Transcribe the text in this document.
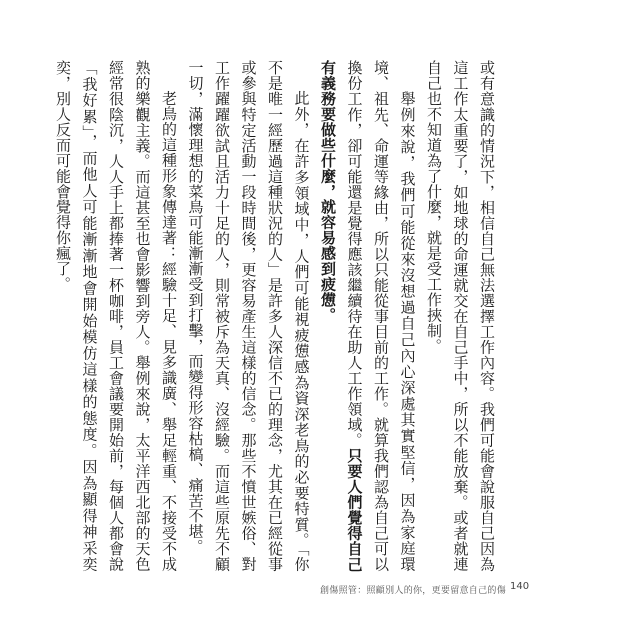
或有意識的情況下，相信自己無法選擇工作內容。我們可能會說服自己因為這工作太重要了，如地球的命運就交在自己手中，所以不能放棄。或者就連自己也不知道為了什麼，就是受工作挾制。

舉例來說，我們可能從來沒想過自己內心深處其實堅信，因為家庭環境、祖先、命運等緣由，所以只能從事目前的工作。就算我們認為自己可以換份工作，卻可能還是覺得應該繼續待在助人工作領域。只要人們覺得自己有義務要做些什麼，就容易感到疲憊。

此外，在許多領域中，人們可能視疲憊感為資深老鳥的必要特質。「你不是唯一經歷過這種狀況的人」是許多人深信不已的理念，尤其在已經從事或參與特定活動一段時間後，更容易產生這樣的信念。那些不憤世嫉俗、對工作躍躍欲試且活力十足的人，則常被斥為天真、沒經驗。而這些原先不顧一切，滿懷理想的菜鳥可能漸漸受到打擊，而變得形容枯槁、痛苦不堪。

老鳥的這種形象傳達著：經驗十足、見多識廣、舉足輕重、不接受不成熟的樂觀主義。而這甚至也會影響到旁人。舉例來說，太平洋西北部的天色經常很陰沉，人人手上都捧著一杯咖啡，員工會議要開始前，每個人都會說「我好累」，而他人可能漸漸地會開始模仿這樣的態度。因為顯得神采奕奕，別人反而可能會覺得你瘋了。

創傷照管：照顧別人的你，更要留意自己的傷 140
